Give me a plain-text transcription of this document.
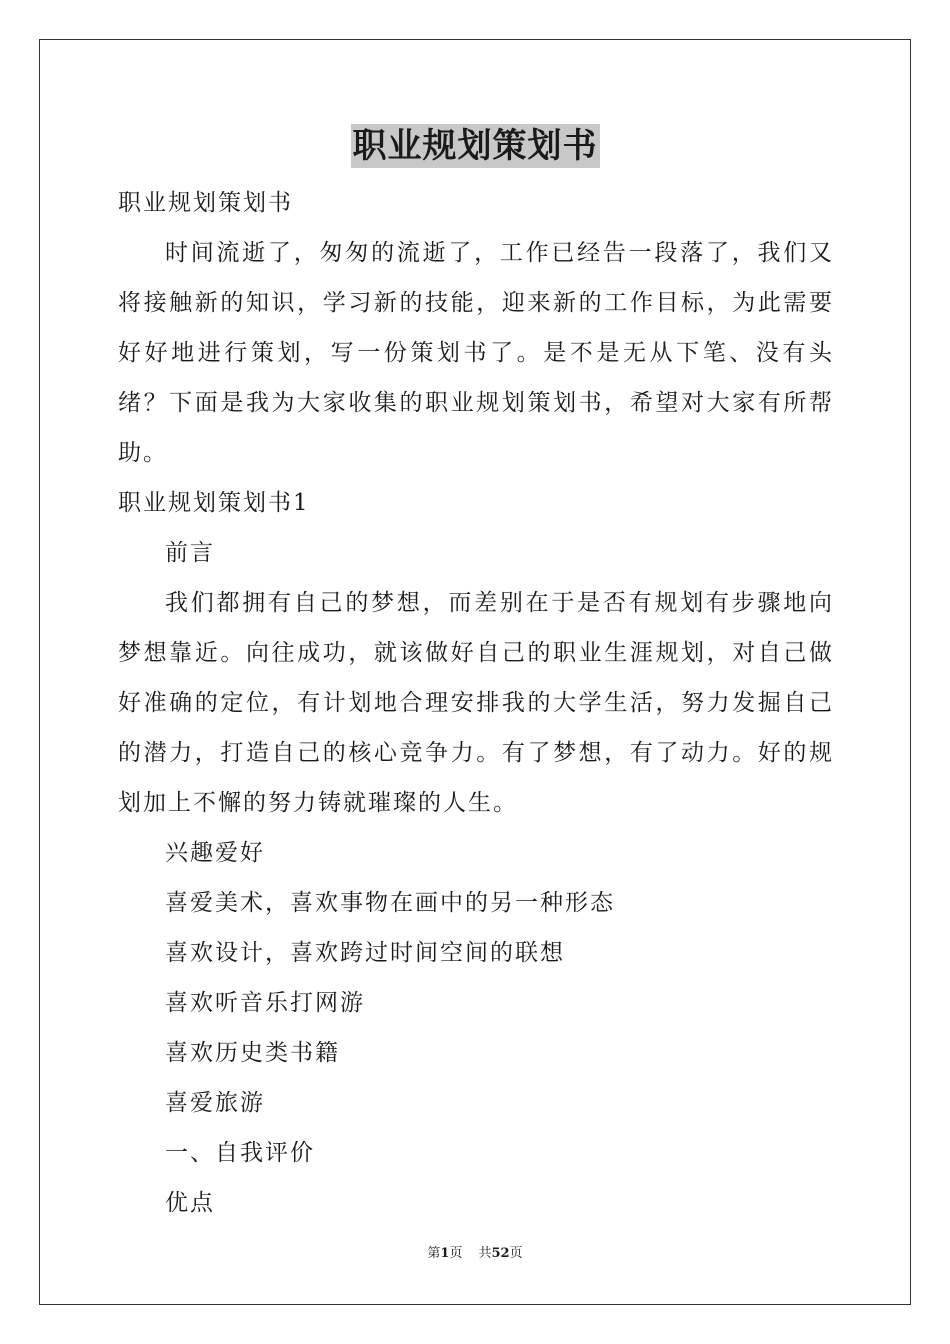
职业规划策划书

职业规划策划书

时间流逝了，匆匆的流逝了，工作已经告一段落了，我们又将接触新的知识，学习新的技能，迎来新的工作目标，为此需要好好地进行策划，写一份策划书了。是不是无从下笔、没有头绪？下面是我为大家收集的职业规划策划书，希望对大家有所帮助。

职业规划策划书1

前言

我们都拥有自己的梦想，而差别在于是否有规划有步骤地向梦想靠近。向往成功，就该做好自己的职业生涯规划，对自己做好准确的定位，有计划地合理安排我的大学生活，努力发掘自己的潜力，打造自己的核心竞争力。有了梦想，有了动力。好的规划加上不懈的努力铸就璀璨的人生。

兴趣爱好

喜爱美术，喜欢事物在画中的另一种形态

喜欢设计，喜欢跨过时间空间的联想

喜欢听音乐打网游

喜欢历史类书籍

喜爱旅游

一、自我评价

优点

第1页 共52页
